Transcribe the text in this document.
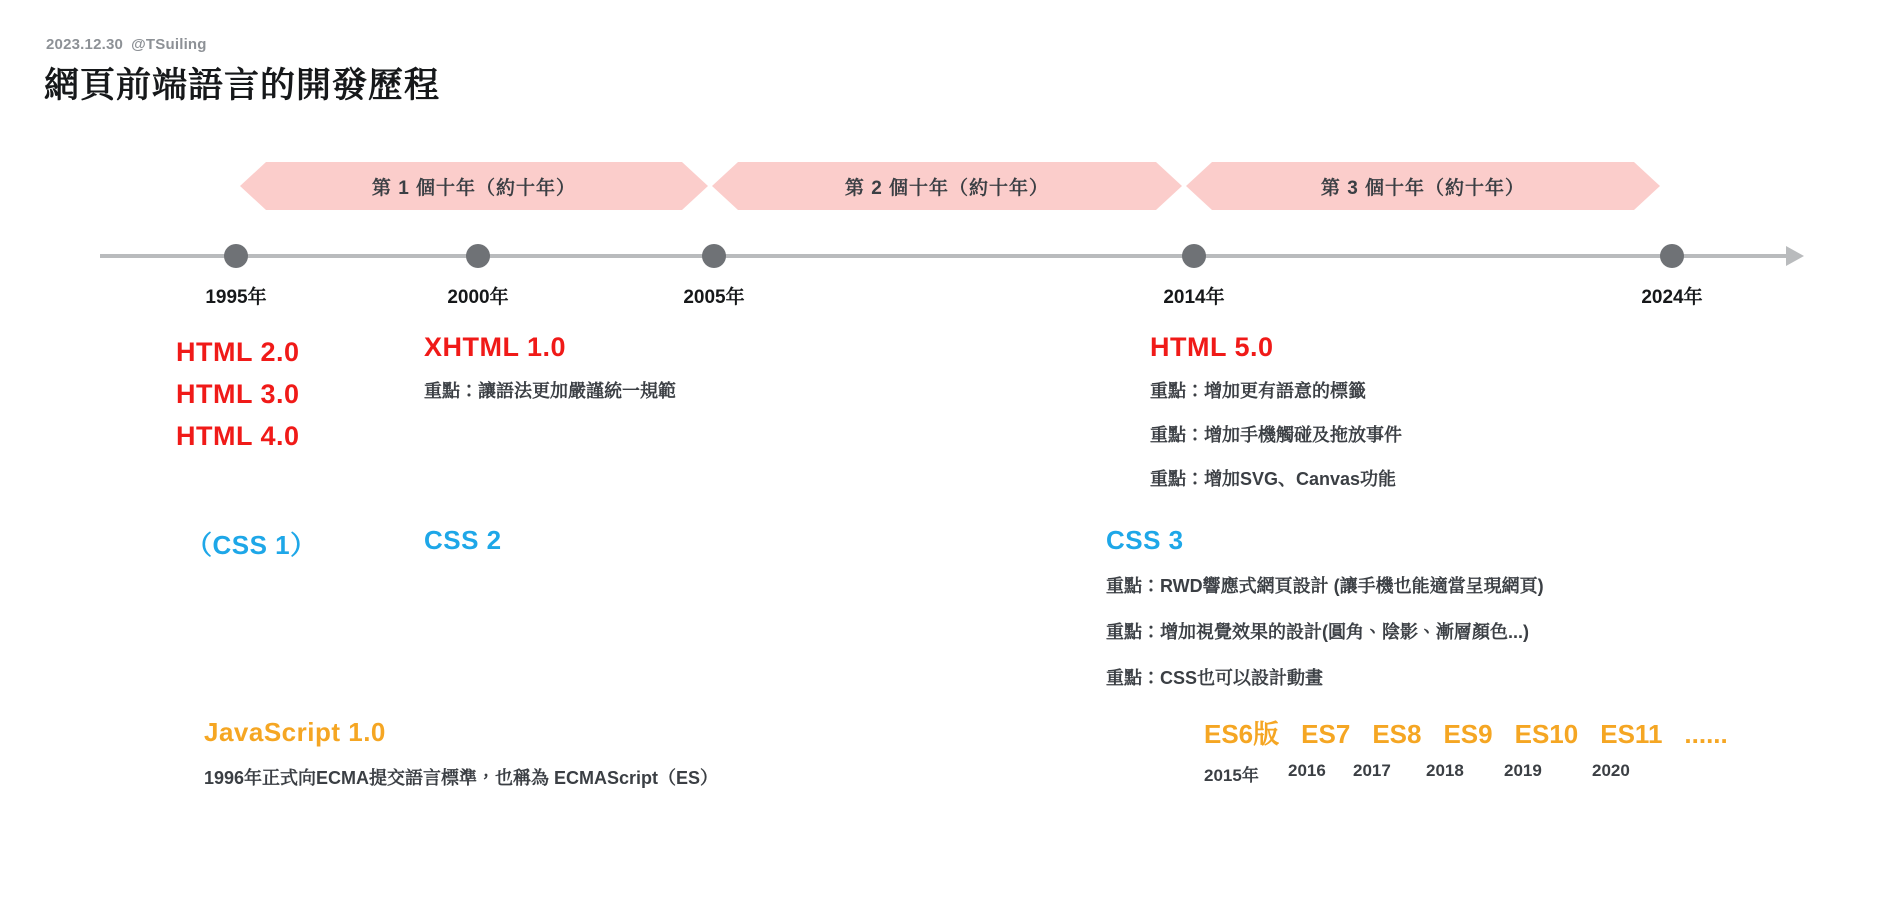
2023.12.30 @TSuiling
網頁前端語言的開發歷程
第 1 個十年（約十年）	第 2 個十年（約十年）	第 3 個十年（約十年）
1995年	2000年	2005年	2014年	2024年
HTML 2.0
HTML 3.0
HTML 4.0
XHTML 1.0
重點：讓語法更加嚴謹統一規範
HTML 5.0
重點：增加更有語意的標籤
重點：增加手機觸碰及拖放事件
重點：增加SVG、Canvas功能
（CSS 1）	CSS 2	CSS 3
重點：RWD響應式網頁設計 (讓手機也能適當呈現網頁)
重點：增加視覺效果的設計(圓角、陰影、漸層顏色...)
重點：CSS也可以設計動畫
JavaScript 1.0
1996年正式向ECMA提交語言標準，也稱為 ECMAScript（ES）
ES6版 ES7 ES8 ES9 ES10 ES11 ......
2015年	2016	2017	2018	2019	2020
